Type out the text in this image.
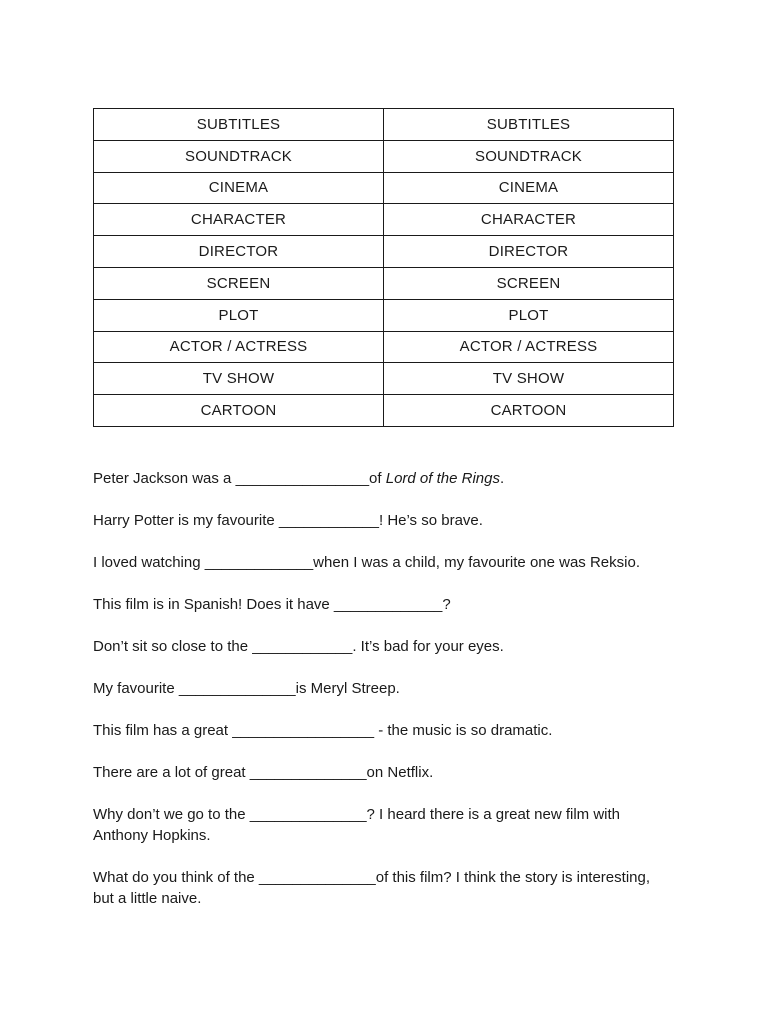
SUBTITLES	SUBTITLES
SOUNDTRACK	SOUNDTRACK
CINEMA	CINEMA
CHARACTER	CHARACTER
DIRECTOR	DIRECTOR
SCREEN	SCREEN
PLOT	PLOT
ACTOR / ACTRESS	ACTOR / ACTRESS
TV SHOW	TV SHOW
CARTOON	CARTOON

Peter Jackson was a ________________of Lord of the Rings.

Harry Potter is my favourite ____________! He’s so brave.

I loved watching _____________when I was a child, my favourite one was Reksio.

This film is in Spanish! Does it have _____________?

Don’t sit so close to the ____________. It’s bad for your eyes.

My favourite ______________is Meryl Streep.

This film has a great _________________ - the music is so dramatic.

There are a lot of great ______________on Netflix.

Why don’t we go to the ______________? I heard there is a great new film with Anthony Hopkins.

What do you think of the ______________of this film? I think the story is interesting, but a little naive.
